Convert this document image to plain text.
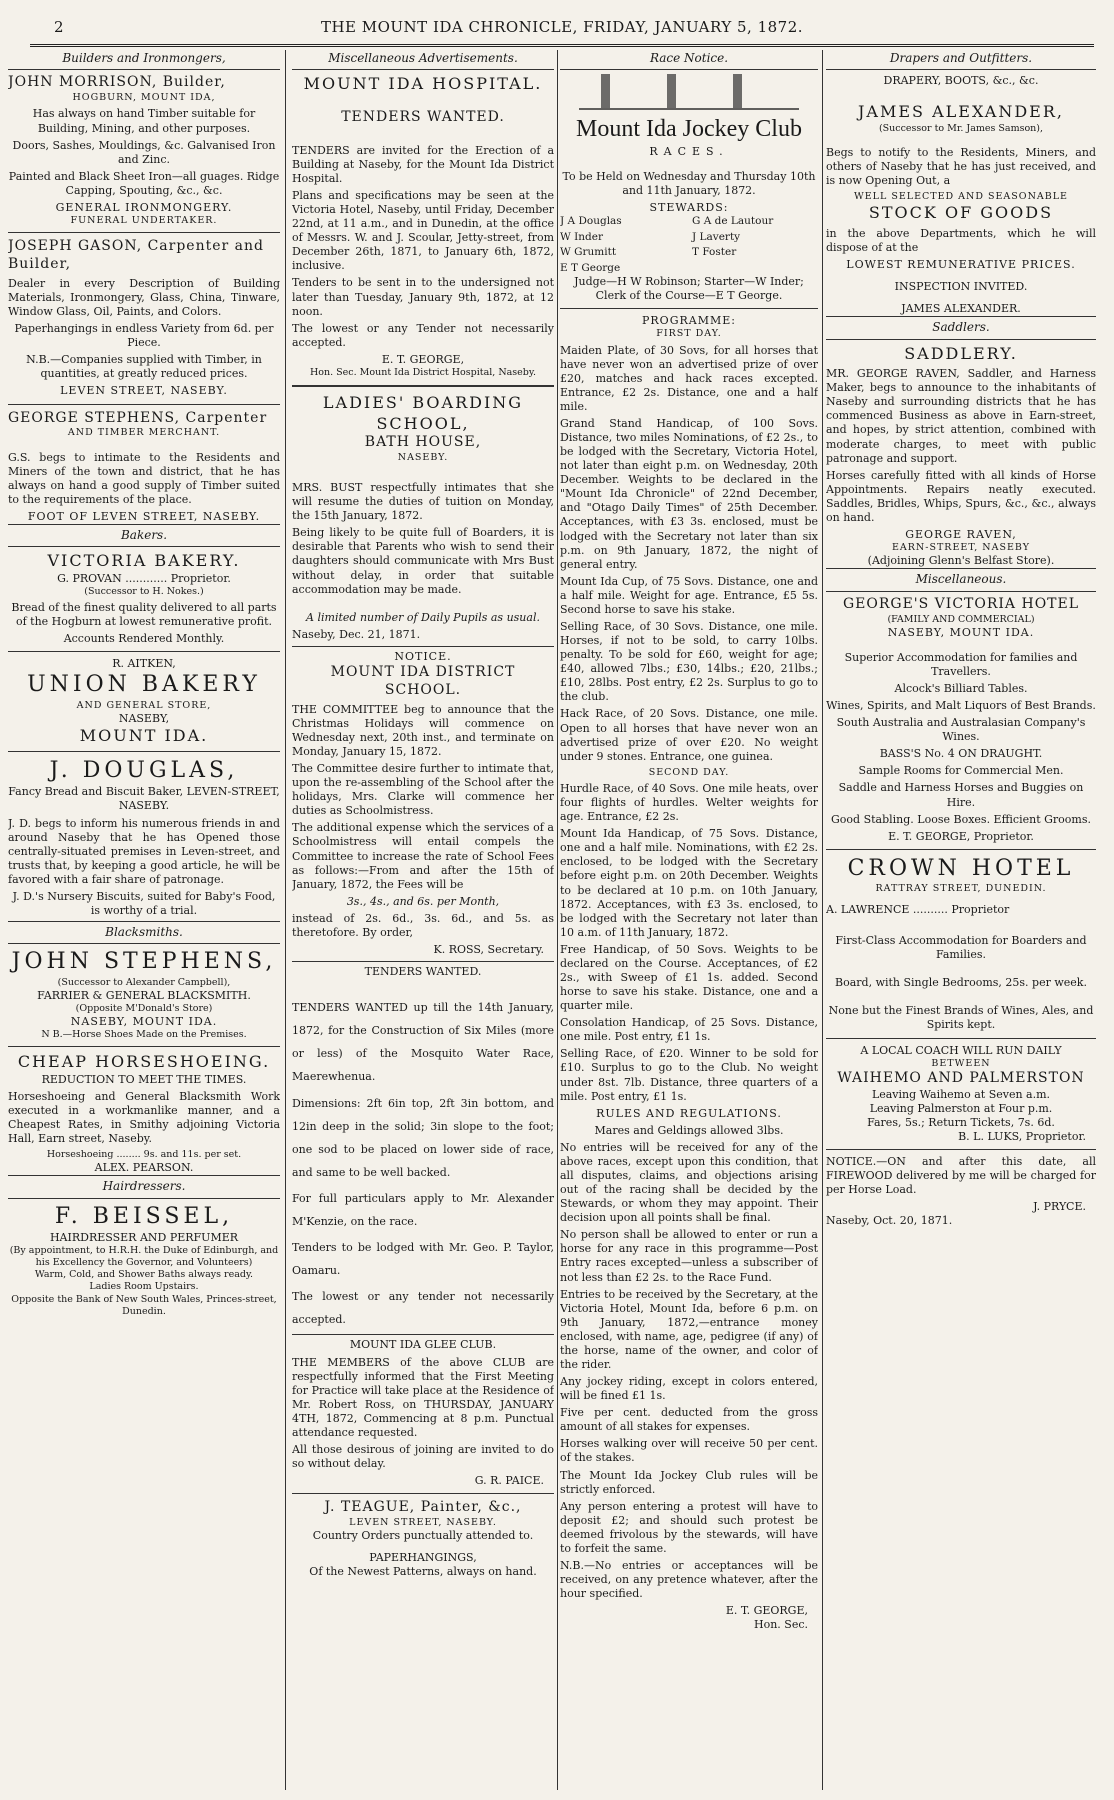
2	THE MOUNT IDA CHRONICLE, FRIDAY, JANUARY 5, 1872.
Builders and Ironmongers,
JOHN MORRISON, Builder,
HOGBURN, MOUNT IDA,

Has always on hand Timber suitable for Building, Mining, and other purposes.

Doors, Sashes, Mouldings, &c. Galvanised Iron and Zinc.

Painted and Black Sheet Iron—all guages. Ridge Capping, Spouting, &c., &c.

GENERAL IRONMONGERY.
FUNERAL UNDERTAKER.
JOSEPH GASON, Carpenter and Builder,

Dealer in every Description of Building Materials, Ironmongery, Glass, China, Tinware, Window Glass, Oil, Paints, and Colors.

Paperhangings in endless Variety from 6d. per Piece.

N.B.—Companies supplied with Timber, in quantities, at greatly reduced prices.

LEVEN STREET, NASEBY.
GEORGE STEPHENS, Carpenter
AND TIMBER MERCHANT.

G.S. begs to intimate to the Residents and Miners of the town and district, that he has always on hand a good supply of Timber suited to the requirements of the place.

FOOT OF LEVEN STREET, NASEBY.
Bakers.
VICTORIA BAKERY.
G. PROVAN ............ Proprietor.
(Successor to H. Nokes.)

Bread of the finest quality delivered to all parts of the Hogburn at lowest remunerative profit.

Accounts Rendered Monthly.
R. AITKEN,
UNION BAKERY
AND GENERAL STORE,
NASEBY,
MOUNT IDA.
J. DOUGLAS,
Fancy Bread and Biscuit Baker, LEVEN-STREET, NASEBY.

J. D. begs to inform his numerous friends in and around Naseby that he has Opened those centrally-situated premises in Leven-street, and trusts that, by keeping a good article, he will be favored with a fair share of patronage.

J. D.'s Nursery Biscuits, suited for Baby's Food, is worthy of a trial.

Blacksmiths.
JOHN STEPHENS,
(Successor to Alexander Campbell),
FARRIER & GENERAL BLACKSMITH.
(Opposite M'Donald's Store)
NASEBY, MOUNT IDA.
N B.—Horse Shoes Made on the Premises.
CHEAP HORSESHOEING.
REDUCTION TO MEET THE TIMES.

Horseshoeing and General Blacksmith Work executed in a workmanlike manner, and a Cheapest Rates, in Smithy adjoining Victoria Hall, Earn street, Naseby.

Horseshoeing ........ 9s. and 11s. per set.
ALEX. PEARSON.
Hairdressers.
F. BEISSEL,
HAIRDRESSER AND PERFUMER
(By appointment, to H.R.H. the Duke of Edinburgh, and his Excellency the Governor, and Volunteers)
Warm, Cold, and Shower Baths always ready.
Ladies Room Upstairs.
Opposite the Bank of New South Wales, Princes-street, Dunedin.
Miscellaneous Advertisements.
MOUNT IDA HOSPITAL.
TENDERS WANTED.

TENDERS are invited for the Erection of a Building at Naseby, for the Mount Ida District Hospital.

Plans and specifications may be seen at the Victoria Hotel, Naseby, until Friday, December 22nd, at 11 a.m., and in Dunedin, at the office of Messrs. W. and J. Scoular, Jetty-street, from December 26th, 1871, to January 6th, 1872, inclusive.

Tenders to be sent in to the undersigned not later than Tuesday, January 9th, 1872, at 12 noon.

The lowest or any Tender not necessarily accepted.

E. T. GEORGE,
Hon. Sec. Mount Ida District Hospital, Naseby.
LADIES' BOARDING SCHOOL,
BATH HOUSE,
NASEBY.

MRS. BUST respectfully intimates that she will resume the duties of tuition on Monday, the 15th January, 1872.

Being likely to be quite full of Boarders, it is desirable that Parents who wish to send their daughters should communicate with Mrs Bust without delay, in order that suitable accommodation may be made.

A limited number of Daily Pupils as usual.

Naseby, Dec. 21, 1871.
NOTICE.
MOUNT IDA DISTRICT SCHOOL.

THE COMMITTEE beg to announce that the Christmas Holidays will commence on Wednesday next, 20th inst., and terminate on Monday, January 15, 1872.

The Committee desire further to intimate that, upon the re-assembling of the School after the holidays, Mrs. Clarke will commence her duties as Schoolmistress.

The additional expense which the services of a Schoolmistress will entail compels the Committee to increase the rate of School Fees as follows:—From and after the 15th of January, 1872, the Fees will be

3s., 4s., and 6s. per Month,

instead of 2s. 6d., 3s. 6d., and 5s. as theretofore. By order,

K. ROSS, Secretary.
TENDERS WANTED.

TENDERS WANTED up till the 14th January, 1872, for the Construction of Six Miles (more or less) of the Mosquito Water Race, Maerewhenua.

Dimensions: 2ft 6in top, 2ft 3in bottom, and 12in deep in the solid; 3in slope to the foot; one sod to be placed on lower side of race, and same to be well backed.

For full particulars apply to Mr. Alexander M'Kenzie, on the race.

Tenders to be lodged with Mr. Geo. P. Taylor, Oamaru.

The lowest or any tender not necessarily accepted.

MOUNT IDA GLEE CLUB.

THE MEMBERS of the above CLUB are respectfully informed that the First Meeting for Practice will take place at the Residence of Mr. Robert Ross, on THURSDAY, JANUARY 4TH, 1872, Commencing at 8 p.m. Punctual attendance requested.

All those desirous of joining are invited to do so without delay.

G. R. PAICE.
J. TEAGUE, Painter, &c.,
LEVEN STREET, NASEBY.
Country Orders punctually attended to.
PAPERHANGINGS,
Of the Newest Patterns, always on hand.
Race Notice.
Mount Ida Jockey Club
RACES.

To be Held on Wednesday and Thursday 10th and 11th January, 1872.

STEWARDS:
J A Douglas	G A de Lautour
W Inder	J Laverty
W Grumitt	T Foster
E T George
Judge—H W Robinson; Starter—W Inder;
Clerk of the Course—E T George.
PROGRAMME:
FIRST DAY.

Maiden Plate, of 30 Sovs, for all horses that have never won an advertised prize of over £20, matches and hack races excepted. Entrance, £2 2s. Distance, one and a half mile.

Grand Stand Handicap, of 100 Sovs. Distance, two miles Nominations, of £2 2s., to be lodged with the Secretary, Victoria Hotel, not later than eight p.m. on Wednesday, 20th December. Weights to be declared in the "Mount Ida Chronicle" of 22nd December, and "Otago Daily Times" of 25th December. Acceptances, with £3 3s. enclosed, must be lodged with the Secretary not later than six p.m. on 9th January, 1872, the night of general entry.

Mount Ida Cup, of 75 Sovs. Distance, one and a half mile. Weight for age. Entrance, £5 5s. Second horse to save his stake.

Selling Race, of 30 Sovs. Distance, one mile. Horses, if not to be sold, to carry 10lbs. penalty. To be sold for £60, weight for age; £40, allowed 7lbs.; £30, 14lbs.; £20, 21lbs.; £10, 28lbs. Post entry, £2 2s. Surplus to go to the club.

Hack Race, of 20 Sovs. Distance, one mile. Open to all horses that have never won an advertised prize of over £20. No weight under 9 stones. Entrance, one guinea.

SECOND DAY.

Hurdle Race, of 40 Sovs. One mile heats, over four flights of hurdles. Welter weights for age. Entrance, £2 2s.

Mount Ida Handicap, of 75 Sovs. Distance, one and a half mile. Nominations, with £2 2s. enclosed, to be lodged with the Secretary before eight p.m. on 20th December. Weights to be declared at 10 p.m. on 10th January, 1872. Acceptances, with £3 3s. enclosed, to be lodged with the Secretary not later than 10 a.m. of 11th January, 1872.

Free Handicap, of 50 Sovs. Weights to be declared on the Course. Acceptances, of £2 2s., with Sweep of £1 1s. added. Second horse to save his stake. Distance, one and a quarter mile.

Consolation Handicap, of 25 Sovs. Distance, one mile. Post entry, £1 1s.

Selling Race, of £20. Winner to be sold for £10. Surplus to go to the Club. No weight under 8st. 7lb. Distance, three quarters of a mile. Post entry, £1 1s.

RULES AND REGULATIONS.

Mares and Geldings allowed 3lbs.

No entries will be received for any of the above races, except upon this condition, that all disputes, claims, and objections arising out of the racing shall be decided by the Stewards, or whom they may appoint. Their decision upon all points shall be final.

No person shall be allowed to enter or run a horse for any race in this programme—Post Entry races excepted—unless a subscriber of not less than £2 2s. to the Race Fund.

Entries to be received by the Secretary, at the Victoria Hotel, Mount Ida, before 6 p.m. on 9th January, 1872,—entrance money enclosed, with name, age, pedigree (if any) of the horse, name of the owner, and color of the rider.

Any jockey riding, except in colors entered, will be fined £1 1s.

Five per cent. deducted from the gross amount of all stakes for expenses.

Horses walking over will receive 50 per cent. of the stakes.

The Mount Ida Jockey Club rules will be strictly enforced.

Any person entering a protest will have to deposit £2; and should such protest be deemed frivolous by the stewards, will have to forfeit the same.

N.B.—No entries or acceptances will be received, on any pretence whatever, after the hour specified.

E. T. GEORGE,
Hon. Sec.
Drapers and Outfitters.
DRAPERY, BOOTS, &c., &c.
JAMES ALEXANDER,
(Successor to Mr. James Samson),

Begs to notify to the Residents, Miners, and others of Naseby that he has just received, and is now Opening Out, a

WELL SELECTED AND SEASONABLE
STOCK OF GOODS

in the above Departments, which he will dispose of at the

LOWEST REMUNERATIVE PRICES.
INSPECTION INVITED.
JAMES ALEXANDER.
Saddlers.
SADDLERY.

MR. GEORGE RAVEN, Saddler, and Harness Maker, begs to announce to the inhabitants of Naseby and surrounding districts that he has commenced Business as above in Earn-street, and hopes, by strict attention, combined with moderate charges, to meet with public patronage and support.

Horses carefully fitted with all kinds of Horse Appointments. Repairs neatly executed. Saddles, Bridles, Whips, Spurs, &c., &c., always on hand.

GEORGE RAVEN,
EARN-STREET, NASEBY
(Adjoining Glenn's Belfast Store).
Miscellaneous.
GEORGE'S VICTORIA HOTEL
(FAMILY AND COMMERCIAL)
NASEBY, MOUNT IDA.

Superior Accommodation for families and Travellers.

Alcock's Billiard Tables.

Wines, Spirits, and Malt Liquors of Best Brands.

South Australia and Australasian Company's Wines.

BASS'S No. 4 ON DRAUGHT.

Sample Rooms for Commercial Men.

Saddle and Harness Horses and Buggies on Hire.

Good Stabling. Loose Boxes. Efficient Grooms.

E. T. GEORGE, Proprietor.
CROWN HOTEL
RATTRAY STREET, DUNEDIN.
A. LAWRENCE .......... Proprietor

First-Class Accommodation for Boarders and Families.

Board, with Single Bedrooms, 25s. per week.

None but the Finest Brands of Wines, Ales, and Spirits kept.

A LOCAL COACH WILL RUN DAILY
BETWEEN
WAIHEMO AND PALMERSTON
Leaving Waihemo at Seven a.m.
Leaving Palmerston at Four p.m.
Fares, 5s.; Return Tickets, 7s. 6d.
B. L. LUKS, Proprietor.

NOTICE.—ON and after this date, all FIREWOOD delivered by me will be charged for per Horse Load.

J. PRYCE.
Naseby, Oct. 20, 1871.
